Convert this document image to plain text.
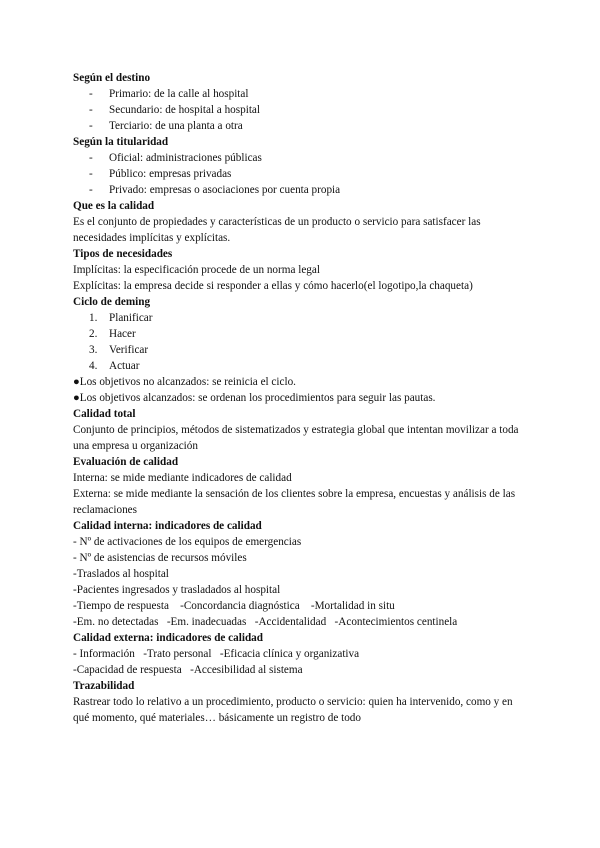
Según el destino
- Primario: de la calle al hospital
- Secundario: de hospital a hospital
- Terciario: de una planta a otra
Según la titularidad
- Oficial: administraciones públicas
- Público: empresas privadas
- Privado: empresas o asociaciones por cuenta propia
Que es la calidad
Es el conjunto de propiedades y características de un producto o servicio para satisfacer las necesidades implícitas y explícitas.
Tipos de necesidades
Implícitas: la especificación procede de un norma legal
Explícitas: la empresa decide si responder a ellas y cómo hacerlo(el logotipo,la chaqueta)
Ciclo de deming
1. Planificar
2. Hacer
3. Verificar
4. Actuar
●Los objetivos no alcanzados: se reinicia el ciclo.
●Los objetivos alcanzados: se ordenan los procedimientos para seguir las pautas.
Calidad total
Conjunto de principios, métodos de sistematizados y estrategia global que intentan movilizar a toda una empresa u organización
Evaluación de calidad
Interna: se mide mediante indicadores de calidad
Externa: se mide mediante la sensación de los clientes sobre la empresa, encuestas y análisis de las reclamaciones
Calidad interna: indicadores de calidad
- Nº de activaciones de los equipos de emergencias
- Nº de asistencias de recursos móviles
-Traslados al hospital
-Pacientes ingresados y trasladados al hospital
-Tiempo de respuesta    -Concordancia diagnóstica    -Mortalidad in situ
-Em. no detectadas   -Em. inadecuadas   -Accidentalidad   -Acontecimientos centinela
Calidad externa: indicadores de calidad
- Información   -Trato personal   -Eficacia clínica y organizativa
-Capacidad de respuesta   -Accesibilidad al sistema
Trazabilidad
Rastrear todo lo relativo a un procedimiento, producto o servicio: quien ha intervenido, como y en qué momento, qué materiales… básicamente un registro de todo
